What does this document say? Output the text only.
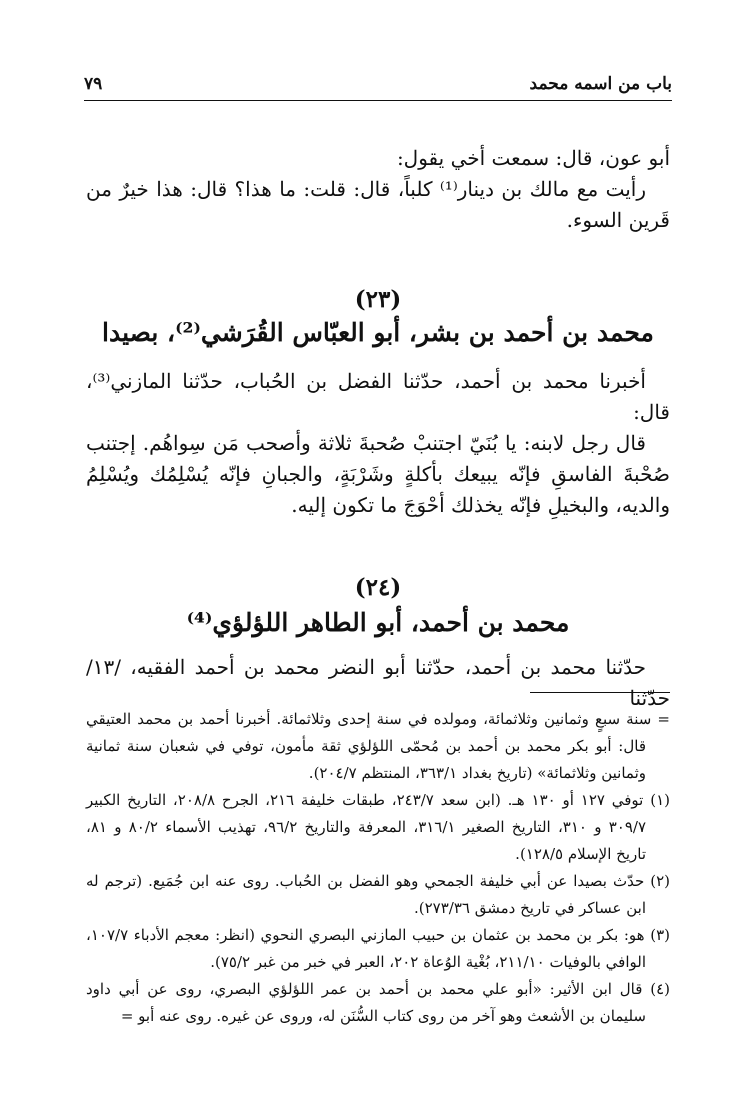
باب من اسمه محمد
٧٩

أبو عون، قال: سمعت أخي يقول:

رأيت مع مالك بن دينار⁽¹⁾ كلباً، قال: قلت: ما هذا؟ قال: هذا خيرٌ من قَرين السوء.

(٢٣)
محمد بن أحمد بن بشر، أبو العبّاس القُرَشي⁽²⁾، بصيدا

أخبرنا محمد بن أحمد، حدّثنا الفضل بن الحُباب، حدّثنا المازني⁽³⁾، قال:

قال رجل لابنه: يا بُنَيّ اجتنبْ صُحبةَ ثلاثة وأصحب مَن سِواهُم. إجتنب صُحْبةَ الفاسقِ فإنّه يبيعك بأكلةٍ وشَرْبَةٍ، والجبانِ فإنّه يُسْلِمُك ويُسْلِمُ والديه، والبخيلِ فإنّه يخذلك أحْوَجَ ما تكون إليه.

(٢٤)
محمد بن أحمد، أبو الطاهر اللؤلؤي⁽⁴⁾

حدّثنا محمد بن أحمد، حدّثنا أبو النضر محمد بن أحمد الفقيه، /١٣/ حدّثنا

= سنة سبعٍ وثمانين وثلاثمائة، ومولده في سنة إحدى وثلاثمائة. أخبرنا أحمد بن محمد العتيقي قال: أبو بكر محمد بن أحمد بن مُحمّى اللؤلؤي ثقة مأمون، توفي في شعبان سنة ثمانية وثمانين وثلاثمائة» (تاريخ بغداد ٣٦٣/١، المنتظم ٢٠٤/٧).

(١) توفي ١٢٧ أو ١٣٠ هـ. (ابن سعد ٢٤٣/٧، طبقات خليفة ٢١٦، الجرح ٢٠٨/٨، التاريخ الكبير ٣٠٩/٧ و ٣١٠، التاريخ الصغير ٣١٦/١، المعرفة والتاريخ ٩٦/٢، تهذيب الأسماء ٨٠/٢ و ٨١، تاريخ الإسلام ١٢٨/٥).

(٢) حدّث بصيدا عن أبي خليفة الجمحي وهو الفضل بن الحُباب. روى عنه ابن جُمَيع. (ترجم له ابن عساكر في تاريخ دمشق ٢٧٣/٣٦).

(٣) هو: بكر بن محمد بن عثمان بن حبيب المازني البصري النحوي (انظر: معجم الأدباء ١٠٧/٧، الوافي بالوفيات ٢١١/١٠، بُغْية الوُعاة ٢٠٢، العبر في خبر من غبر ٧٥/٢).

(٤) قال ابن الأثير: «أبو علي محمد بن أحمد بن عمر اللؤلؤي البصري، روى عن أبي داود سليمان بن الأشعث وهو آخر من روى كتاب السُّنَن له، وروى عن غيره. روى عنه أبو =
